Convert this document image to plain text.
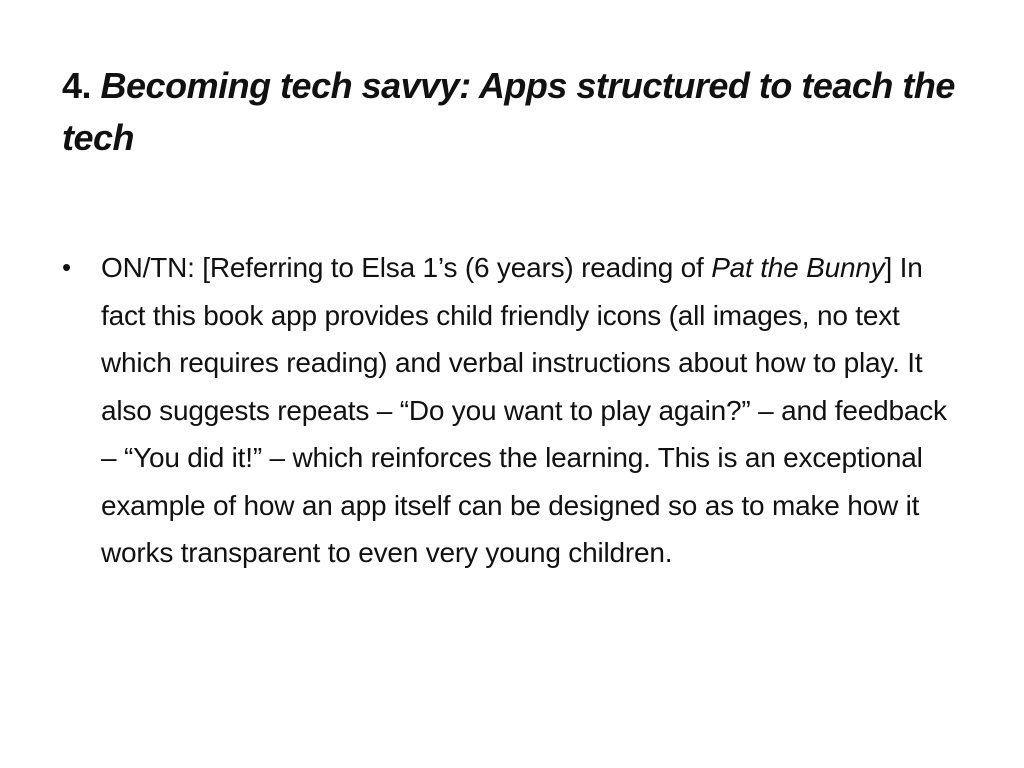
4. Becoming tech savvy: Apps structured to teach the tech
• ON/TN: [Referring to Elsa 1’s (6 years) reading of Pat the Bunny] In fact this book app provides child friendly icons (all images, no text which requires reading) and verbal instructions about how to play. It also suggests repeats – “Do you want to play again?” – and feedback – “You did it!” – which reinforces the learning. This is an exceptional example of how an app itself can be designed so as to make how it works transparent to even very young children.
